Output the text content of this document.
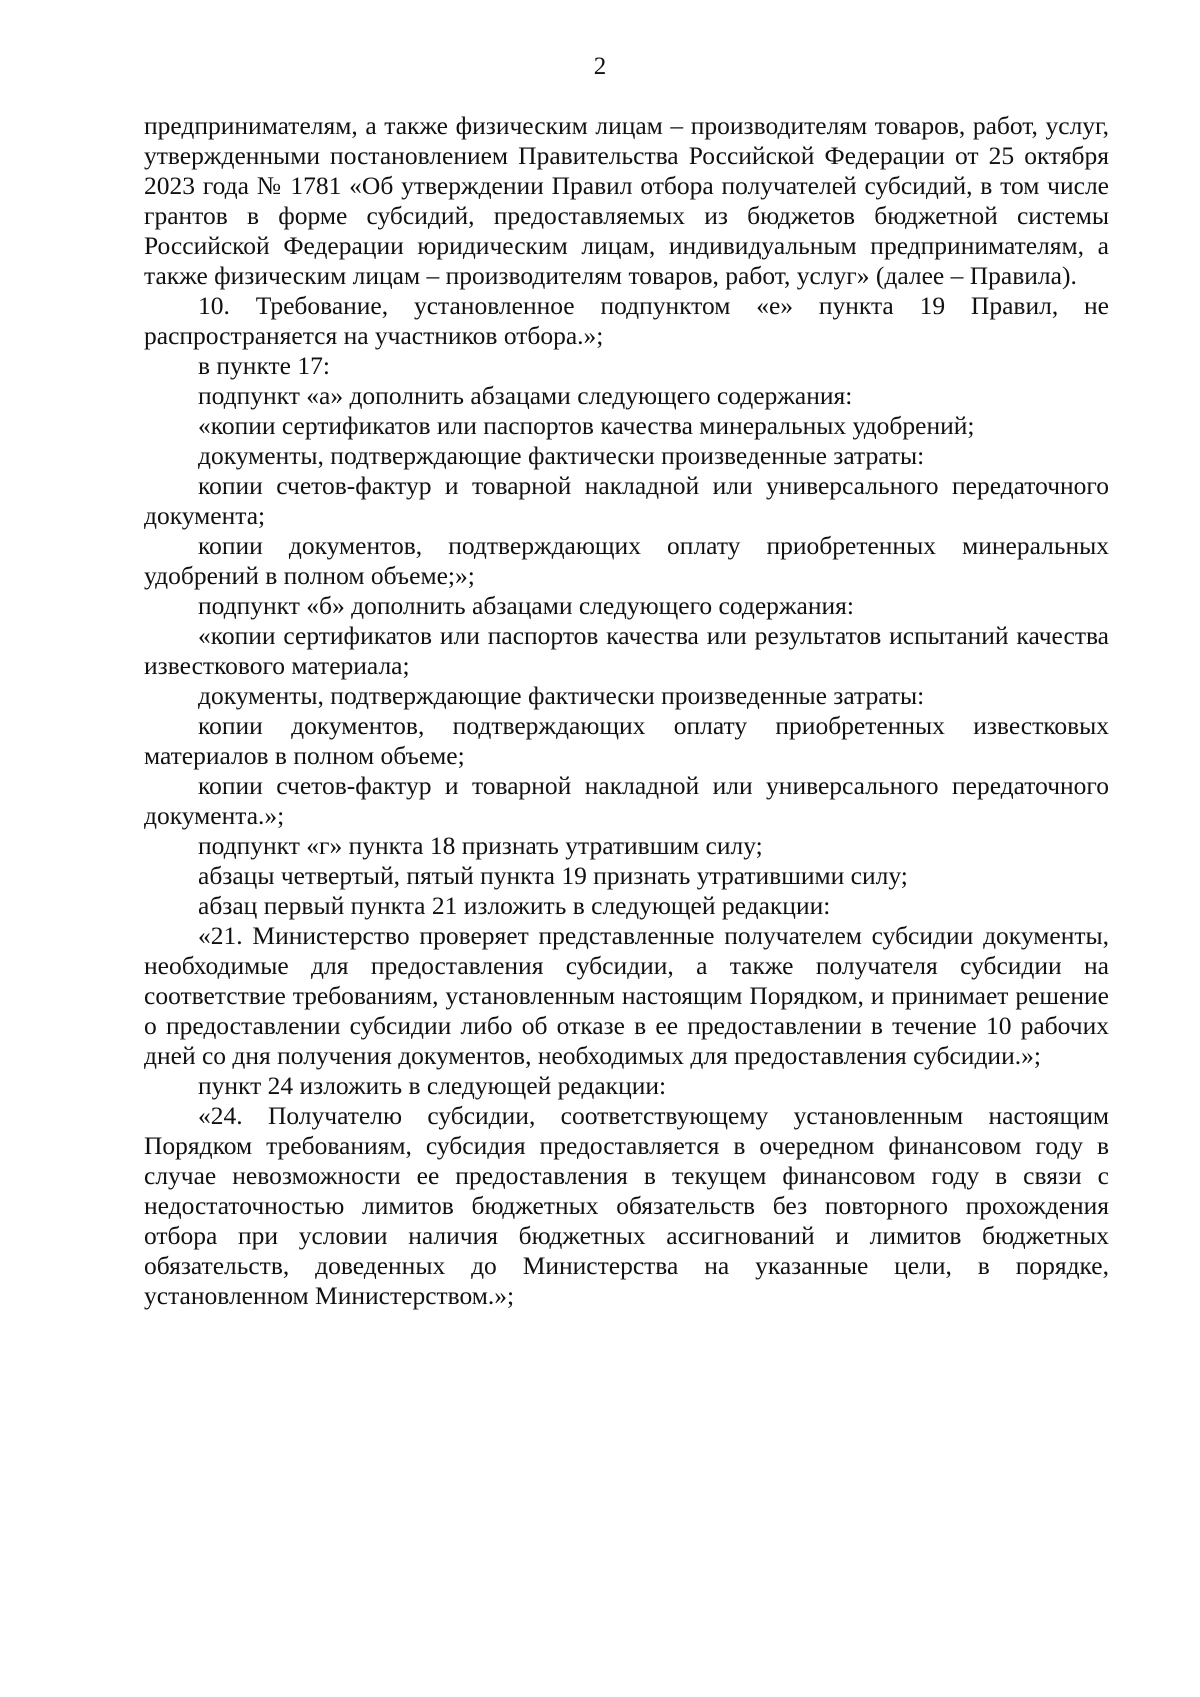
2

предпринимателям, а также физическим лицам – производителям товаров, работ, услуг, утвержденными постановлением Правительства Российской Федерации от 25 октября 2023 года № 1781 «Об утверждении Правил отбора получателей субсидий, в том числе грантов в форме субсидий, предоставляемых из бюджетов бюджетной системы Российской Федерации юридическим лицам, индивидуальным предпринимателям, а также физическим лицам – производителям товаров, работ, услуг» (далее – Правила).

10. Требование, установленное подпунктом «е» пункта 19 Правил, не распространяется на участников отбора.»;

в пункте 17:

подпункт «а» дополнить абзацами следующего содержания:

«копии сертификатов или паспортов качества минеральных удобрений;

документы, подтверждающие фактически произведенные затраты:

копии счетов-фактур и товарной накладной или универсального передаточного документа;

копии документов, подтверждающих оплату приобретенных минеральных удобрений в полном объеме;»;

подпункт «б» дополнить абзацами следующего содержания:

«копии сертификатов или паспортов качества или результатов испытаний качества известкового материала;

документы, подтверждающие фактически произведенные затраты:

копии документов, подтверждающих оплату приобретенных известковых материалов в полном объеме;

копии счетов-фактур и товарной накладной или универсального передаточного документа.»;

подпункт «г» пункта 18 признать утратившим силу;

абзацы четвертый, пятый пункта 19 признать утратившими силу;

абзац первый пункта 21 изложить в следующей редакции:

«21. Министерство проверяет представленные получателем субсидии документы, необходимые для предоставления субсидии, а также получателя субсидии на соответствие требованиям, установленным настоящим Порядком, и принимает решение о предоставлении субсидии либо об отказе в ее предоставлении в течение 10 рабочих дней со дня получения документов, необходимых для предоставления субсидии.»;

пункт 24 изложить в следующей редакции:

«24. Получателю субсидии, соответствующему установленным настоящим Порядком требованиям, субсидия предоставляется в очередном финансовом году в случае невозможности ее предоставления в текущем финансовом году в связи с недостаточностью лимитов бюджетных обязательств без повторного прохождения отбора при условии наличия бюджетных ассигнований и лимитов бюджетных обязательств, доведенных до Министерства на указанные цели, в порядке, установленном Министерством.»;
